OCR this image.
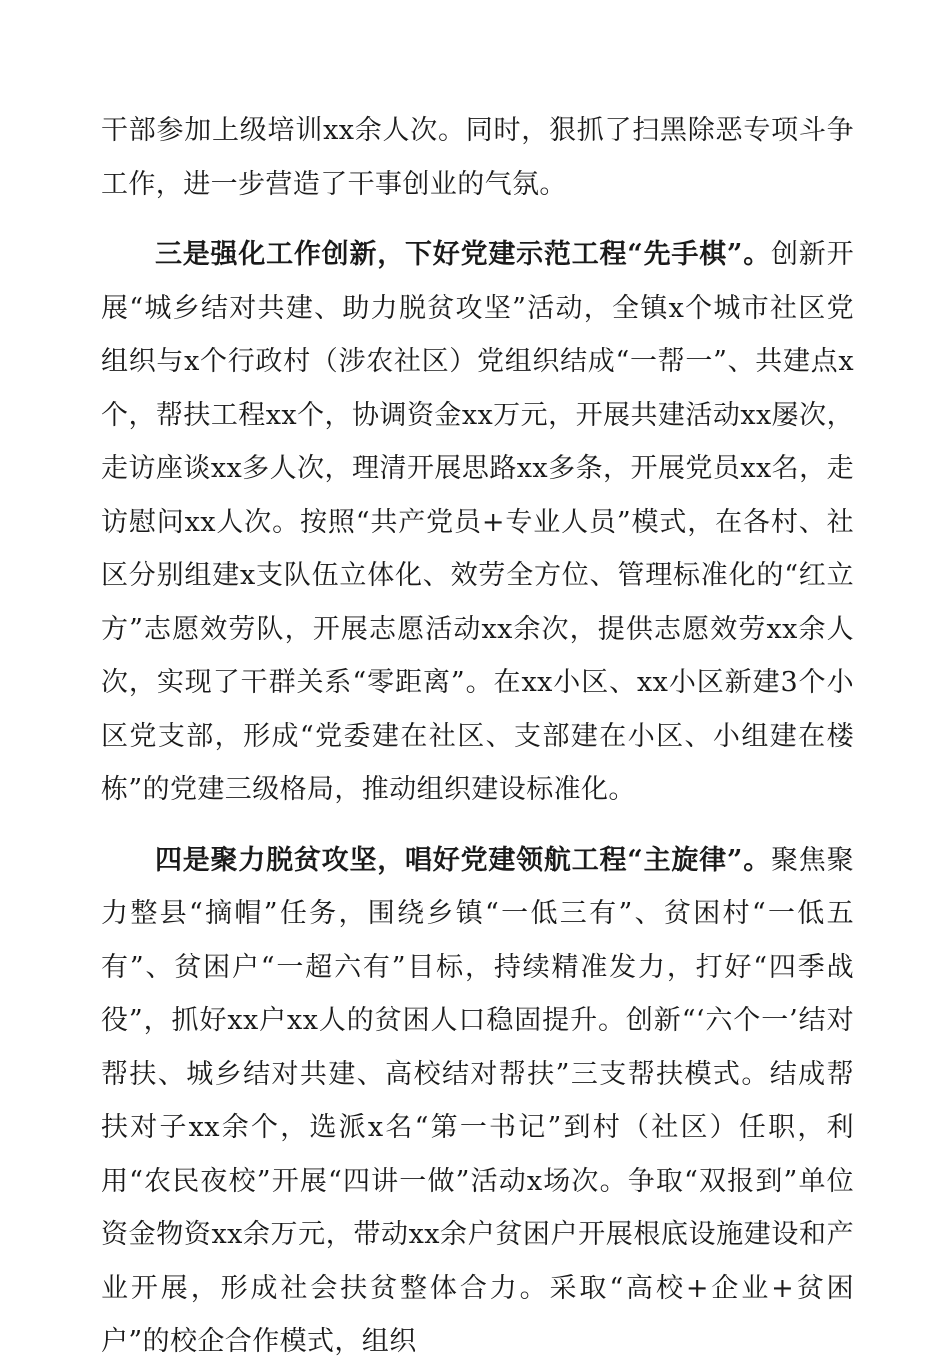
干部参加上级培训xx余人次。同时，狠抓了扫黑除恶专项斗争工作，进一步营造了干事创业的气氛。

三是强化工作创新，下好党建示范工程“先手棋”。创新开展“城乡结对共建、助力脱贫攻坚”活动，全镇x个城市社区党组织与x个行政村（涉农社区）党组织结成“一帮一”、共建点x个，帮扶工程xx个，协调资金xx万元，开展共建活动xx屡次，走访座谈xx多人次，理清开展思路xx多条，开展党员xx名，走访慰问xx人次。按照“共产党员+专业人员”模式，在各村、社区分别组建x支队伍立体化、效劳全方位、管理标准化的“红立方”志愿效劳队，开展志愿活动xx余次，提供志愿效劳xx余人次，实现了干群关系“零距离”。在xx小区、xx小区新建3个小区党支部，形成“党委建在社区、支部建在小区、小组建在楼栋”的党建三级格局，推动组织建设标准化。

四是聚力脱贫攻坚，唱好党建领航工程“主旋律”。聚焦聚力整县“摘帽”任务，围绕乡镇“一低三有”、贫困村“一低五有”、贫困户“一超六有”目标，持续精准发力，打好“四季战役”，抓好xx户xx人的贫困人口稳固提升。创新“‘六个一’结对帮扶、城乡结对共建、高校结对帮扶”三支帮扶模式。结成帮扶对子xx余个，选派x名“第一书记”到村（社区）任职，利用“农民夜校”开展“四讲一做”活动x场次。争取“双报到”单位资金物资xx余万元，带动xx余户贫困户开展根底设施建设和产业开展，形成社会扶贫整体合力。采取“高校+企业+贫困户”的校企合作模式，组织
